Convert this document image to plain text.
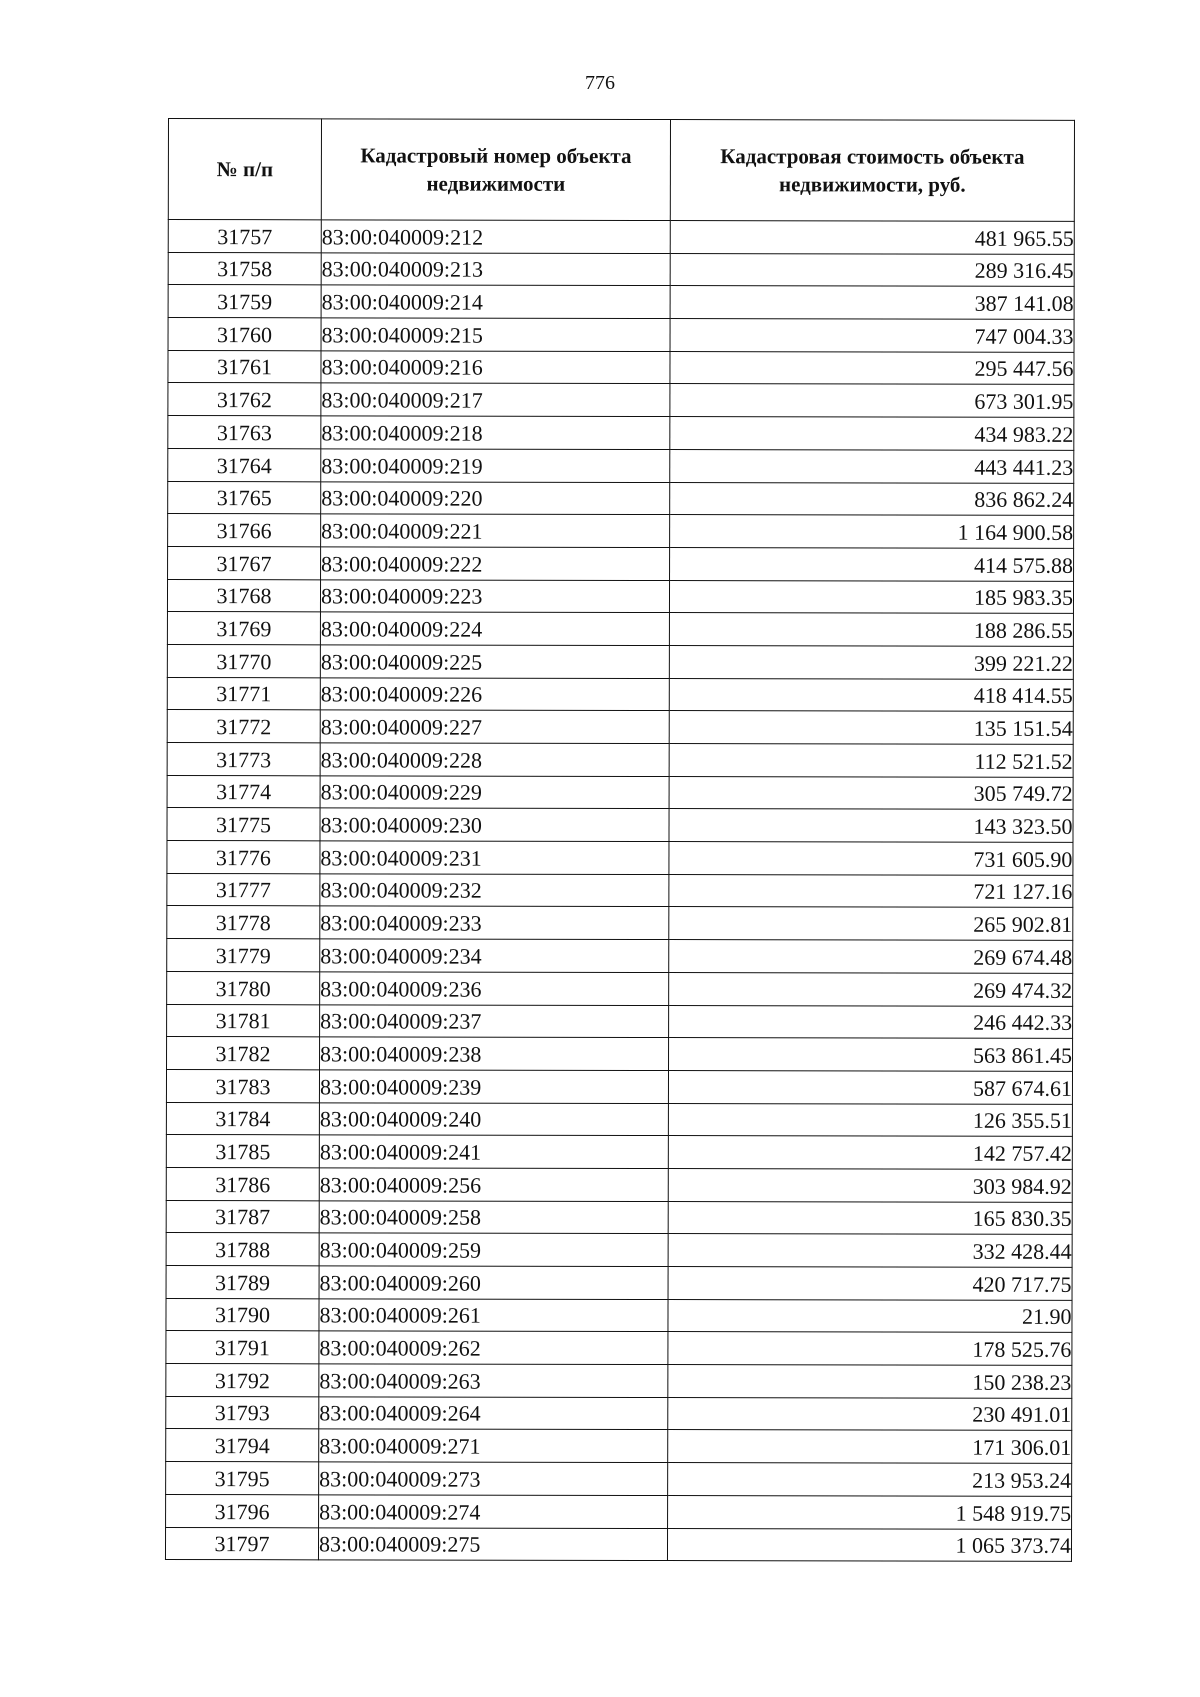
776
№ п/п	Кадастровый номер объекта недвижимости	Кадастровая стоимость объекта недвижимости, руб.
31757	83:00:040009:212	481 965.55
31758	83:00:040009:213	289 316.45
31759	83:00:040009:214	387 141.08
31760	83:00:040009:215	747 004.33
31761	83:00:040009:216	295 447.56
31762	83:00:040009:217	673 301.95
31763	83:00:040009:218	434 983.22
31764	83:00:040009:219	443 441.23
31765	83:00:040009:220	836 862.24
31766	83:00:040009:221	1 164 900.58
31767	83:00:040009:222	414 575.88
31768	83:00:040009:223	185 983.35
31769	83:00:040009:224	188 286.55
31770	83:00:040009:225	399 221.22
31771	83:00:040009:226	418 414.55
31772	83:00:040009:227	135 151.54
31773	83:00:040009:228	112 521.52
31774	83:00:040009:229	305 749.72
31775	83:00:040009:230	143 323.50
31776	83:00:040009:231	731 605.90
31777	83:00:040009:232	721 127.16
31778	83:00:040009:233	265 902.81
31779	83:00:040009:234	269 674.48
31780	83:00:040009:236	269 474.32
31781	83:00:040009:237	246 442.33
31782	83:00:040009:238	563 861.45
31783	83:00:040009:239	587 674.61
31784	83:00:040009:240	126 355.51
31785	83:00:040009:241	142 757.42
31786	83:00:040009:256	303 984.92
31787	83:00:040009:258	165 830.35
31788	83:00:040009:259	332 428.44
31789	83:00:040009:260	420 717.75
31790	83:00:040009:261	21.90
31791	83:00:040009:262	178 525.76
31792	83:00:040009:263	150 238.23
31793	83:00:040009:264	230 491.01
31794	83:00:040009:271	171 306.01
31795	83:00:040009:273	213 953.24
31796	83:00:040009:274	1 548 919.75
31797	83:00:040009:275	1 065 373.74
